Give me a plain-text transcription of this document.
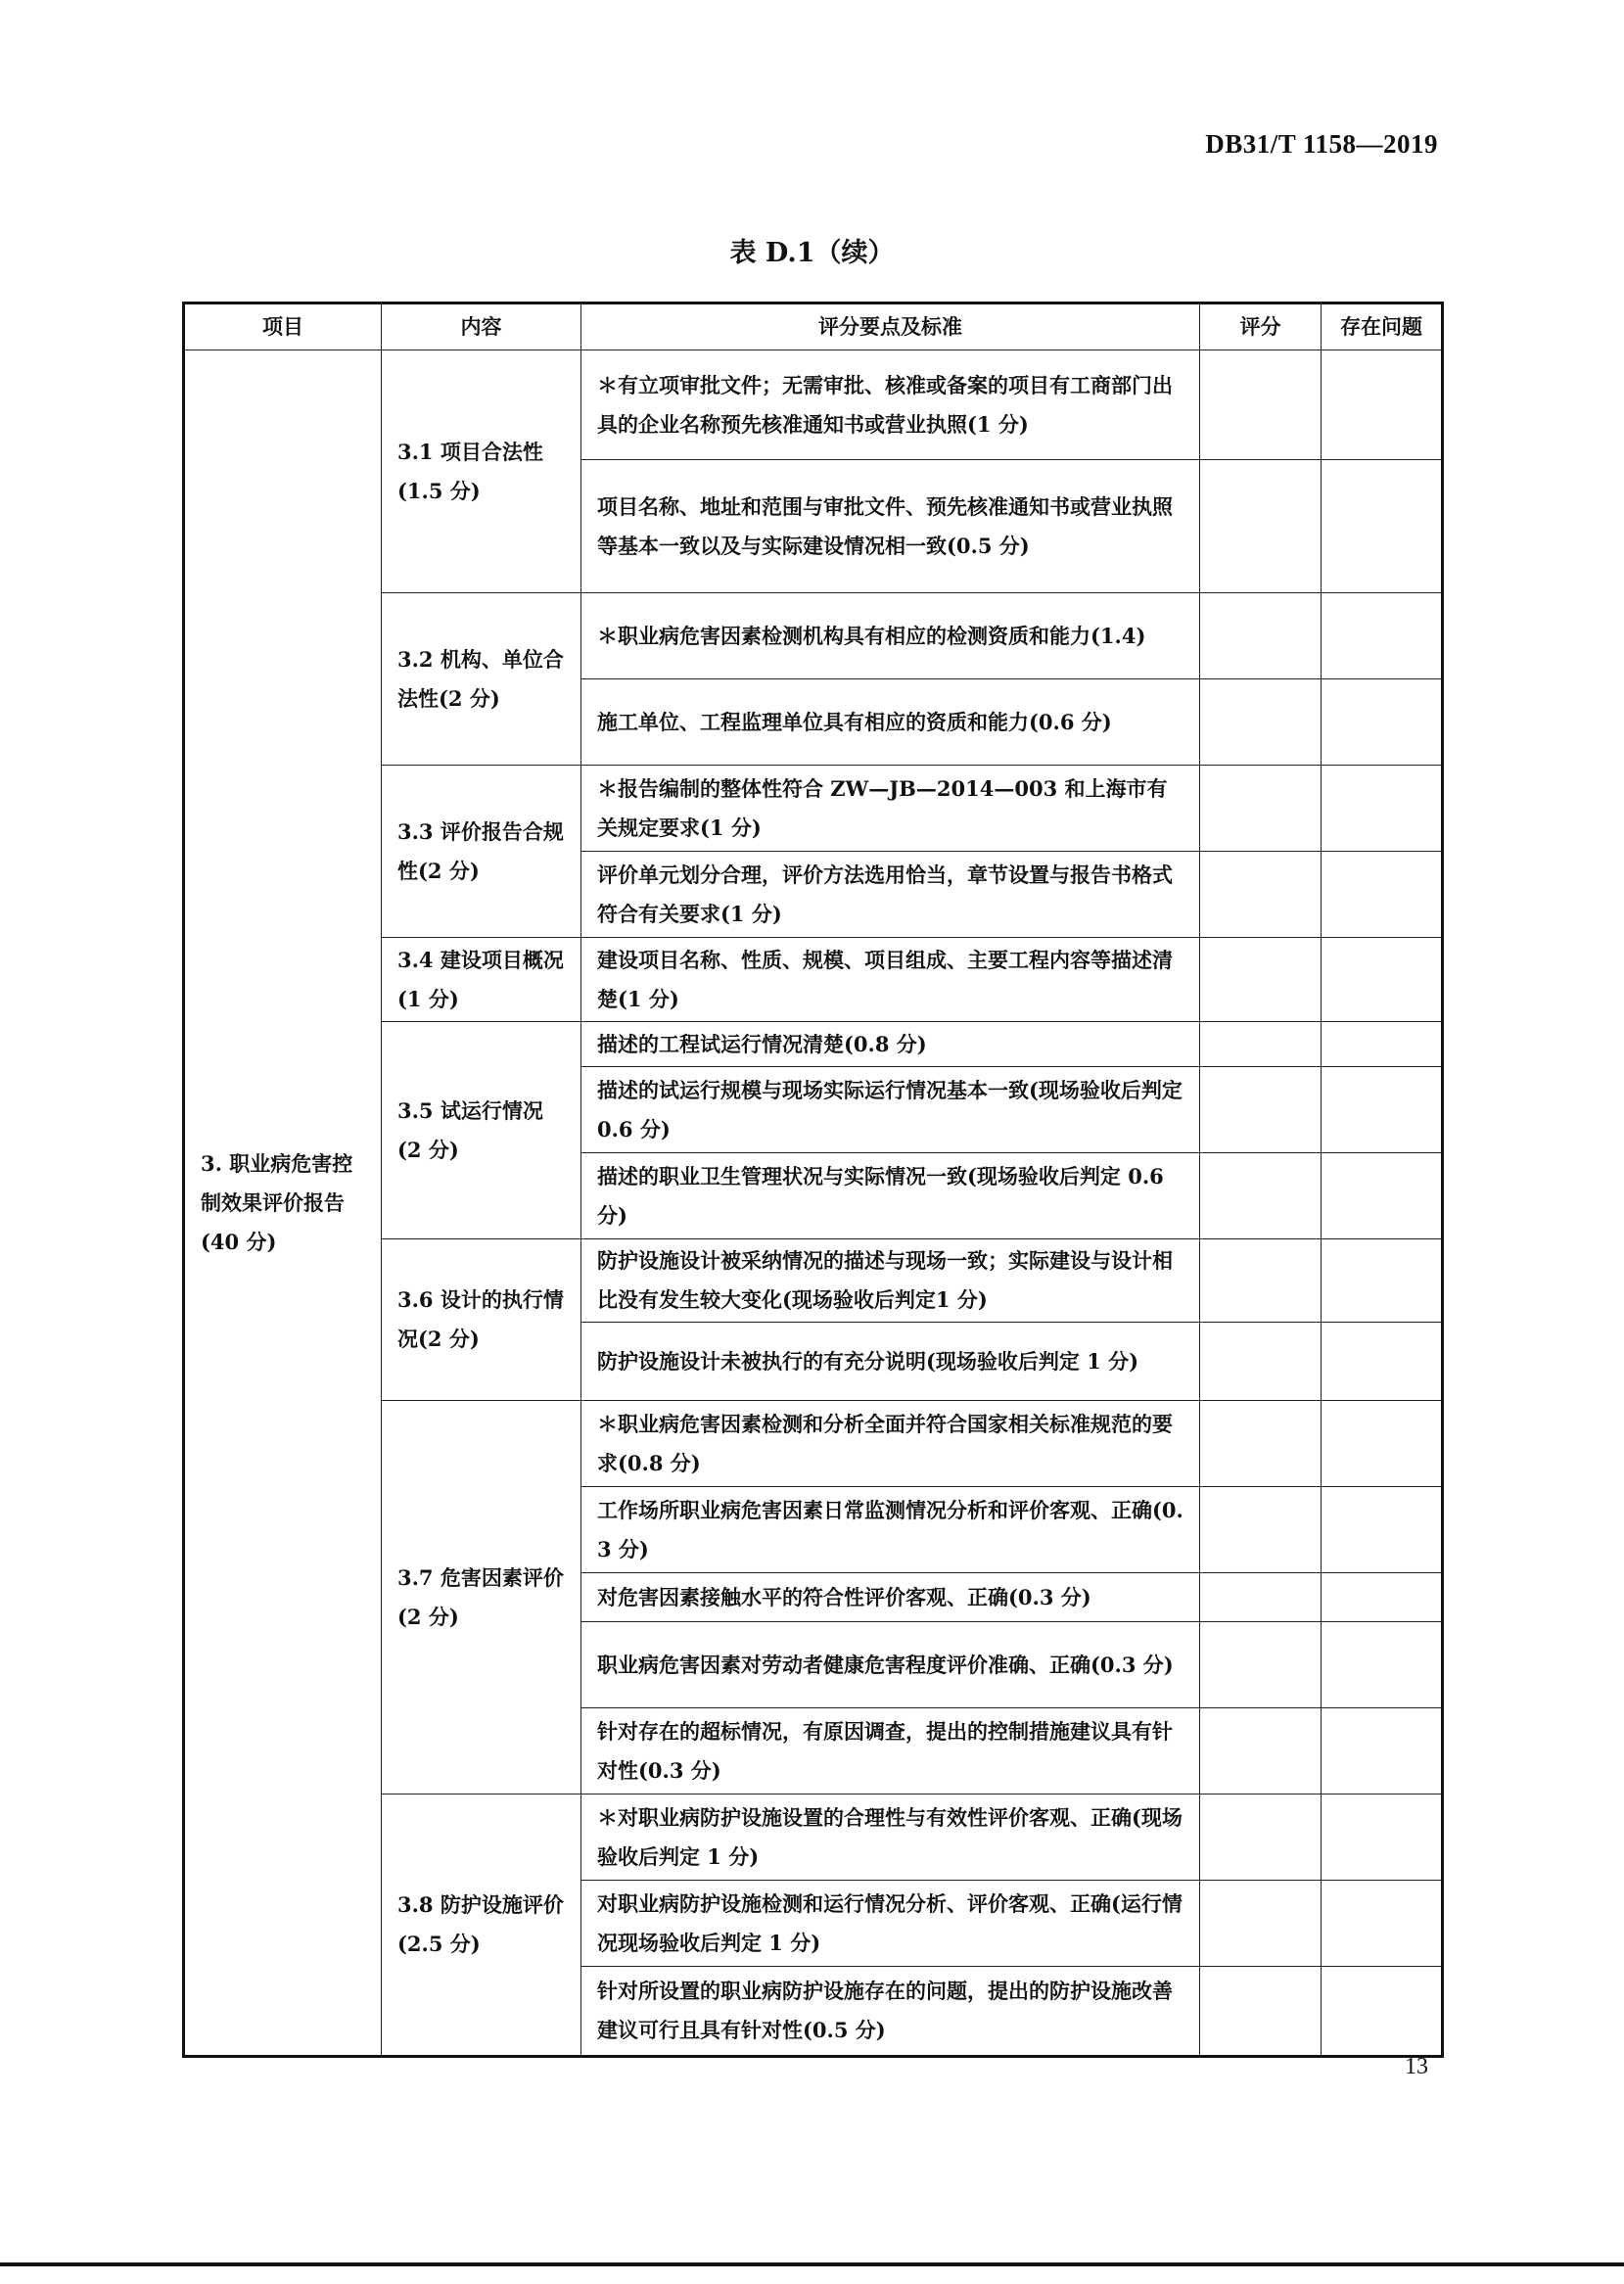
DB31/T 1158—2019
表 D.1（续）
项目	内容	评分要点及标准	评分	存在问题
3. 职业病危害控制效果评价报告(40 分)	3.1 项目合法性(1.5 分)	＊有立项审批文件；无需审批、核准或备案的项目有工商部门出具的企业名称预先核准通知书或营业执照(1 分)		
		项目名称、地址和范围与审批文件、预先核准通知书或营业执照等基本一致以及与实际建设情况相一致(0.5 分)		
	3.2 机构、单位合法性(2 分)	＊职业病危害因素检测机构具有相应的检测资质和能力(1.4)		
		施工单位、工程监理单位具有相应的资质和能力(0.6 分)		
	3.3 评价报告合规性(2 分)	＊报告编制的整体性符合 ZW—JB—2014—003 和上海市有关规定要求(1 分)		
		评价单元划分合理，评价方法选用恰当，章节设置与报告书格式符合有关要求(1 分)		
	3.4 建设项目概况(1 分)	建设项目名称、性质、规模、项目组成、主要工程内容等描述清楚(1 分)		
	3.5 试运行情况(2 分)	描述的工程试运行情况清楚(0.8 分)		
		描述的试运行规模与现场实际运行情况基本一致(现场验收后判定 0.6 分)		
		描述的职业卫生管理状况与实际情况一致(现场验收后判定 0.6 分)		
	3.6 设计的执行情况(2 分)	防护设施设计被采纳情况的描述与现场一致；实际建设与设计相比没有发生较大变化(现场验收后判定1 分)		
		防护设施设计未被执行的有充分说明(现场验收后判定 1 分)		
	3.7 危害因素评价(2 分)	＊职业病危害因素检测和分析全面并符合国家相关标准规范的要求(0.8 分)		
		工作场所职业病危害因素日常监测情况分析和评价客观、正确(0.3 分)		
		对危害因素接触水平的符合性评价客观、正确(0.3 分)		
		职业病危害因素对劳动者健康危害程度评价准确、正确(0.3 分)		
		针对存在的超标情况，有原因调查，提出的控制措施建议具有针对性(0.3 分)		
	3.8 防护设施评价(2.5 分)	＊对职业病防护设施设置的合理性与有效性评价客观、正确(现场验收后判定 1 分)		
		对职业病防护设施检测和运行情况分析、评价客观、正确(运行情况现场验收后判定 1 分)		
		针对所设置的职业病防护设施存在的问题，提出的防护设施改善建议可行且具有针对性(0.5 分)		
13
